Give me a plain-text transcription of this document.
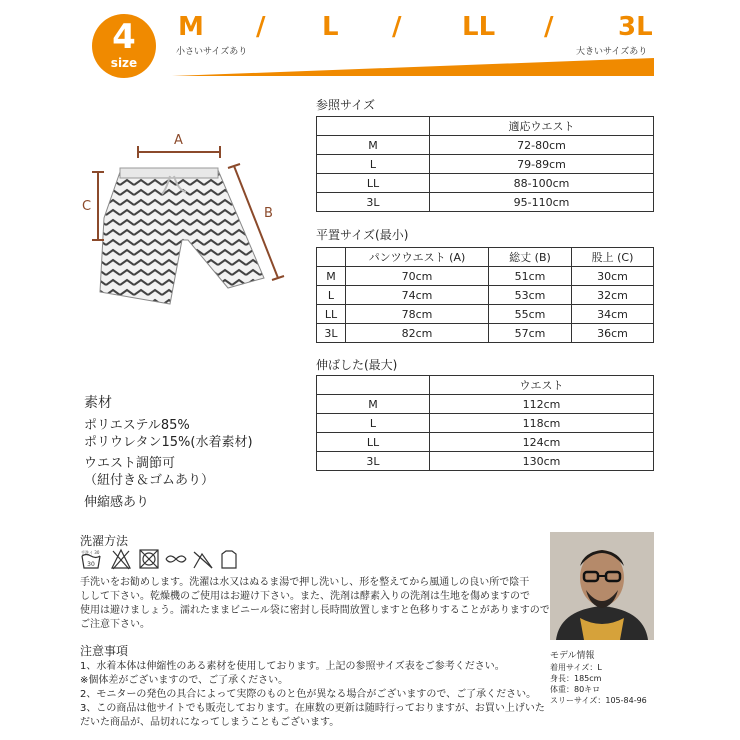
4
size
M / L / LL / 3L
小さいサイズあり	大きいサイズあり
A
C	B
参照サイズ
	適応ウエスト
M	72-80cm
L	79-89cm
LL	88-100cm
3L	95-110cm
平置サイズ(最小)
	パンツウエスト (A)	総丈 (B)	股上 (C)
M	70cm	51cm	30cm
L	74cm	53cm	32cm
LL	78cm	55cm	34cm
3L	82cm	57cm	36cm
伸ばした(最大)
	ウエスト
M	112cm
L	118cm
LL	124cm
3L	130cm
素材
ポリエステル85%
ポリウレタン15%(水着素材)
ウエスト調節可
（紐付き＆ゴムあり）
伸縮感あり
洗濯方法
30
手洗イ 30
手洗いをお勧めします。洗濯は水又はぬるま湯で押し洗いし、形を整えてから風通しの良い所で陰干
しして下さい。乾燥機のご使用はお避け下さい。また、洗剤は酵素入りの洗剤は生地を傷めますので
使用は避けましょう。濡れたままビニール袋に密封し長時間放置しますと色移りすることがありますので
ご注意下さい。
注意事項
1、水着本体は伸縮性のある素材を使用しております。上記の参照サイズ表をご参考ください。
※個体差がございますので、ご了承ください。
2、モニターの発色の具合によって実際のものと色が異なる場合がございますので、ご了承ください。
3、この商品は他サイトでも販売しております。在庫数の更新は随時行っておりますが、お買い上げいた
だいた商品が、品切れになってしまうこともございます。
モデル情報
着用サイズ：L
身長：185cm
体重：80キロ
スリーサイズ：105-84-96
